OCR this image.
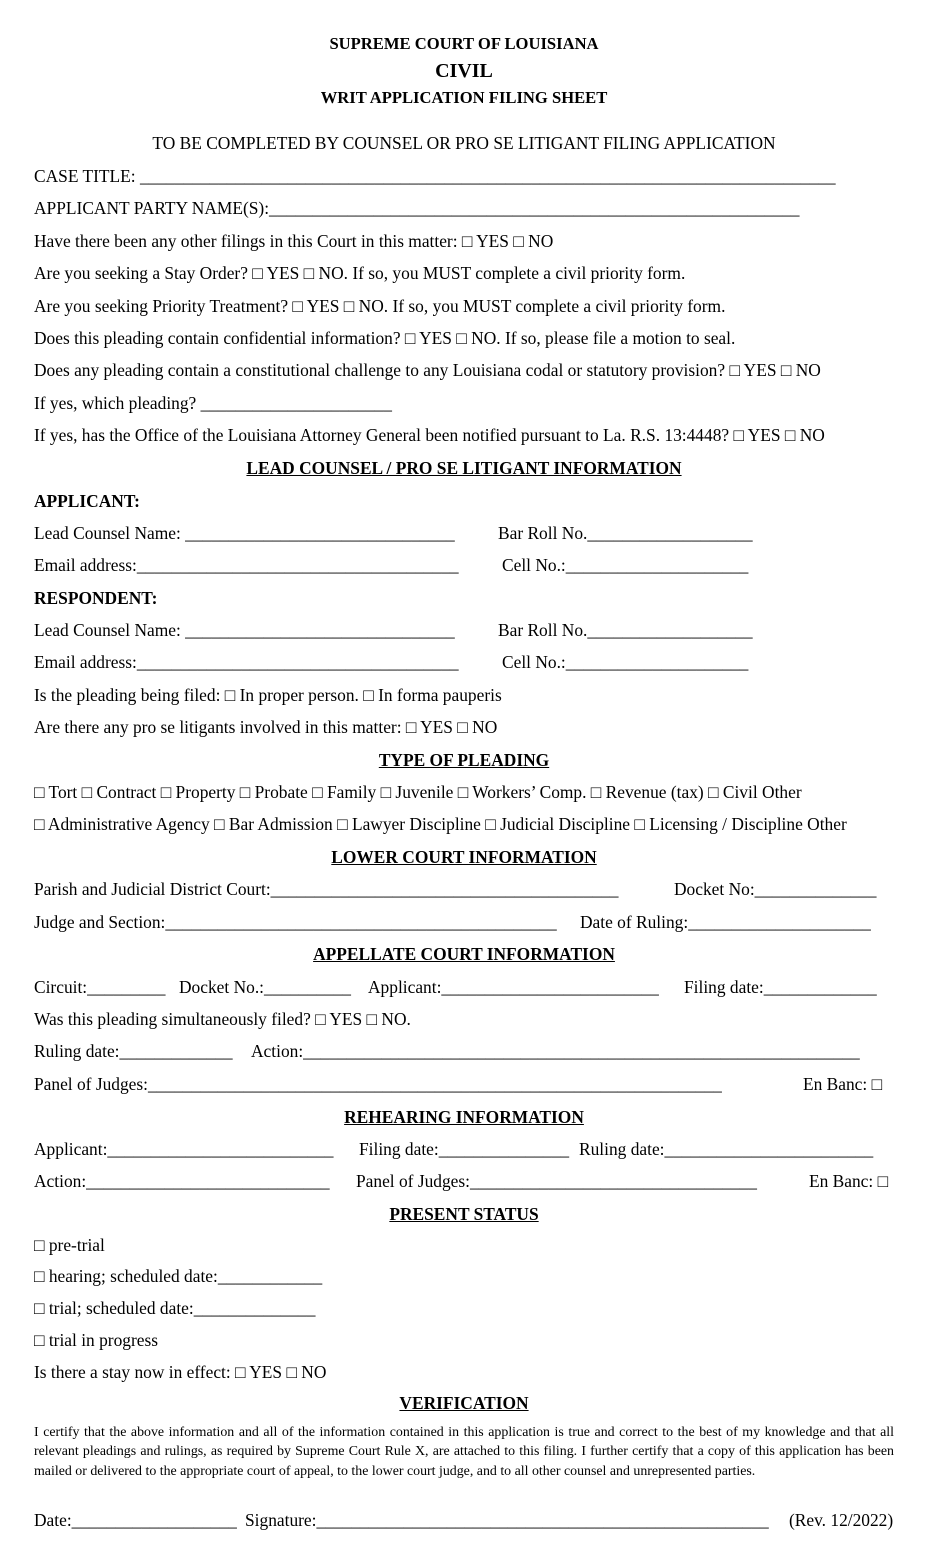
SUPREME COURT OF LOUISIANA
CIVIL
WRIT APPLICATION FILING SHEET
TO BE COMPLETED BY COUNSEL OR PRO SE LITIGANT FILING APPLICATION
CASE TITLE: ________________________________________________________________________________
APPLICANT PARTY NAME(S):_____________________________________________________________
Have there been any other filings in this Court in this matter: □ YES □ NO
Are you seeking a Stay Order? □ YES □ NO. If so, you MUST complete a civil priority form.
Are you seeking Priority Treatment? □ YES □ NO. If so, you MUST complete a civil priority form.
Does this pleading contain confidential information? □ YES □ NO. If so, please file a motion to seal.
Does any pleading contain a constitutional challenge to any Louisiana codal or statutory provision? □ YES □ NO
If yes, which pleading? ______________________
If yes, has the Office of the Louisiana Attorney General been notified pursuant to La. R.S. 13:4448? □ YES □ NO
LEAD COUNSEL / PRO SE LITIGANT INFORMATION
APPLICANT:
Lead Counsel Name: _______________________________ Bar Roll No.___________________
Email address:_____________________________________ Cell No.:_____________________
RESPONDENT:
Lead Counsel Name: _______________________________ Bar Roll No.___________________
Email address:_____________________________________ Cell No.:_____________________
Is the pleading being filed: □ In proper person. □ In forma pauperis
Are there any pro se litigants involved in this matter: □ YES □ NO
TYPE OF PLEADING
□ Tort □ Contract □ Property □ Probate □ Family □ Juvenile □ Workers’ Comp. □ Revenue (tax) □ Civil Other
□ Administrative Agency □ Bar Admission □ Lawyer Discipline □ Judicial Discipline □ Licensing / Discipline Other
LOWER COURT INFORMATION
Parish and Judicial District Court:________________________________________	Docket No:______________
Judge and Section:_____________________________________________ Date of Ruling:_____________________
APPELLATE COURT INFORMATION
Circuit:_________ Docket No.:__________ Applicant:_________________________ Filing date:_____________
Was this pleading simultaneously filed? □ YES □ NO.
Ruling date:_____________ Action:________________________________________________________________
Panel of Judges:__________________________________________________________________	En Banc: □
REHEARING INFORMATION
Applicant:__________________________ Filing date:_______________ Ruling date:________________________
Action:____________________________ Panel of Judges:_________________________________	En Banc: □
PRESENT STATUS
□ pre-trial
□ hearing; scheduled date:____________
□ trial; scheduled date:______________
□ trial in progress
Is there a stay now in effect: □ YES □ NO
VERIFICATION
I certify that the above information and all of the information contained in this application is true and correct to the best of my knowledge and that all relevant pleadings and rulings, as required by Supreme Court Rule X, are attached to this filing. I further certify that a copy of this application has been mailed or delivered to the appropriate court of appeal, to the lower court judge, and to all other counsel and unrepresented parties.
Date:___________________ Signature:____________________________________________________ (Rev. 12/2022)
